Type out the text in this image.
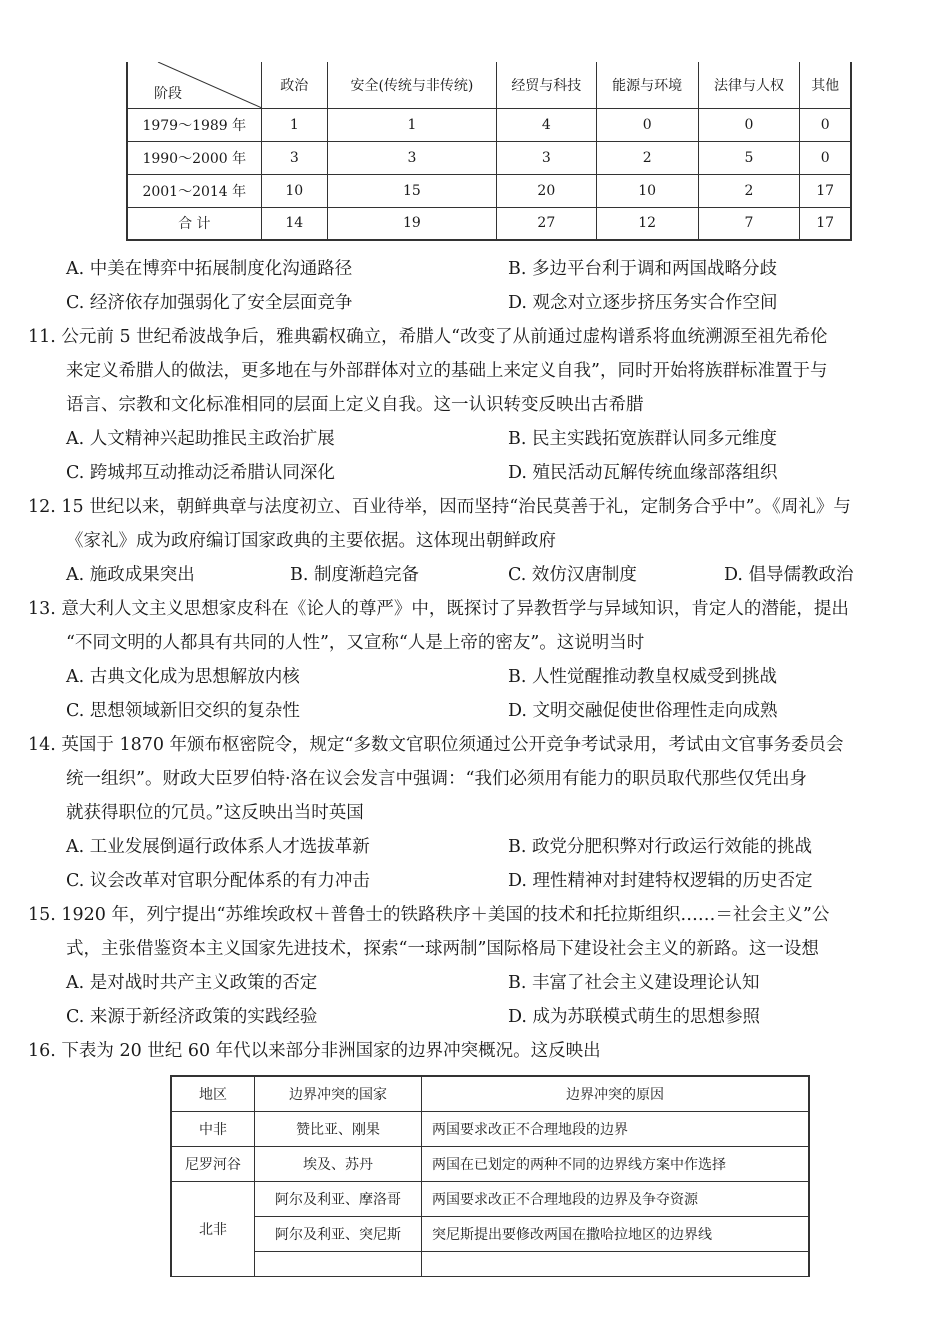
阶段	政治	安全(传统与非传统)	经贸与科技	能源与环境	法律与人权	其他
1979～1989 年	1	1	4	0	0	0
1990～2000 年	3	3	3	2	5	0
2001～2014 年	10	15	20	10	2	17
合 计	14	19	27	12	7	17
A. 中美在博弈中拓展制度化沟通路径	B. 多边平台利于调和两国战略分歧
C. 经济依存加强弱化了安全层面竞争	D. 观念对立逐步挤压务实合作空间
11. 公元前 5 世纪希波战争后，雅典霸权确立，希腊人“改变了从前通过虚构谱系将血统溯源至祖先希伦
来定义希腊人的做法，更多地在与外部群体对立的基础上来定义自我”，同时开始将族群标准置于与
语言、宗教和文化标准相同的层面上定义自我。这一认识转变反映出古希腊
A. 人文精神兴起助推民主政治扩展	B. 民主实践拓宽族群认同多元维度
C. 跨城邦互动推动泛希腊认同深化	D. 殖民活动瓦解传统血缘部落组织
12. 15 世纪以来，朝鲜典章与法度初立、百业待举，因而坚持“治民莫善于礼，定制务合乎中”。《周礼》与
《家礼》成为政府编订国家政典的主要依据。这体现出朝鲜政府
A. 施政成果突出	B. 制度渐趋完备	C. 效仿汉唐制度	D. 倡导儒教政治
13. 意大利人文主义思想家皮科在《论人的尊严》中，既探讨了异教哲学与异域知识，肯定人的潜能，提出
“不同文明的人都具有共同的人性”，又宣称“人是上帝的密友”。这说明当时
A. 古典文化成为思想解放内核	B. 人性觉醒推动教皇权威受到挑战
C. 思想领域新旧交织的复杂性	D. 文明交融促使世俗理性走向成熟
14. 英国于 1870 年颁布枢密院令，规定“多数文官职位须通过公开竞争考试录用，考试由文官事务委员会
统一组织”。财政大臣罗伯特·洛在议会发言中强调：“我们必须用有能力的职员取代那些仅凭出身
就获得职位的冗员。”这反映出当时英国
A. 工业发展倒逼行政体系人才选拔革新	B. 政党分肥积弊对行政运行效能的挑战
C. 议会改革对官职分配体系的有力冲击	D. 理性精神对封建特权逻辑的历史否定
15. 1920 年，列宁提出“苏维埃政权＋普鲁士的铁路秩序＋美国的技术和托拉斯组织……＝社会主义”公
式，主张借鉴资本主义国家先进技术，探索“一球两制”国际格局下建设社会主义的新路。这一设想
A. 是对战时共产主义政策的否定	B. 丰富了社会主义建设理论认知
C. 来源于新经济政策的实践经验	D. 成为苏联模式萌生的思想参照
16. 下表为 20 世纪 60 年代以来部分非洲国家的边界冲突概况。这反映出
地区	边界冲突的国家	边界冲突的原因
中非	赞比亚、刚果	两国要求改正不合理地段的边界
尼罗河谷	埃及、苏丹	两国在已划定的两种不同的边界线方案中作选择
北非	阿尔及利亚、摩洛哥	两国要求改正不合理地段的边界及争夺资源
	阿尔及利亚、突尼斯	突尼斯提出要修改两国在撒哈拉地区的边界线
